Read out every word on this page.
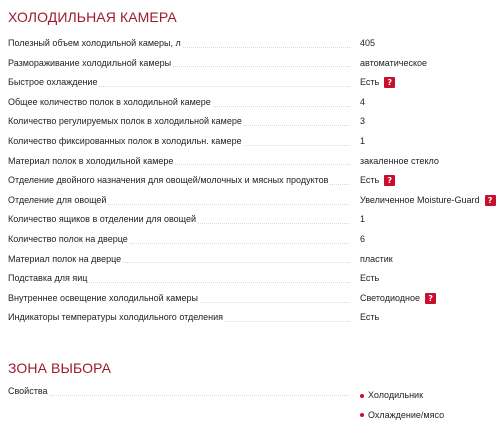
ХОЛОДИЛЬНАЯ КАМЕРА
Полезный объем холодильной камеры, л	405
Размораживание холодильной камеры	автоматическое
Быстрое охлаждение	Есть	?
Общее количество полок в холодильной камере	4
Количество регулируемых полок в холодильной камере	3
Количество фиксированных полок в холодильн. камере	1
Материал полок в холодильной камере	закаленное стекло
Отделение двойного назначения для овощей/молочных и мясных продуктов	Есть	?
Отделение для овощей	Увеличенное Moisture-Guard	?
Количество ящиков в отделении для овощей	1
Количество полок на дверце	6
Материал полок на дверце	пластик
Подставка для яиц	Есть
Внутреннее освещение холодильной камеры	Светодиодное	?
Индикаторы температуры холодильного отделения	Есть
ЗОНА ВЫБОРА
Свойства	Холодильник
Охлаждение/мясо
